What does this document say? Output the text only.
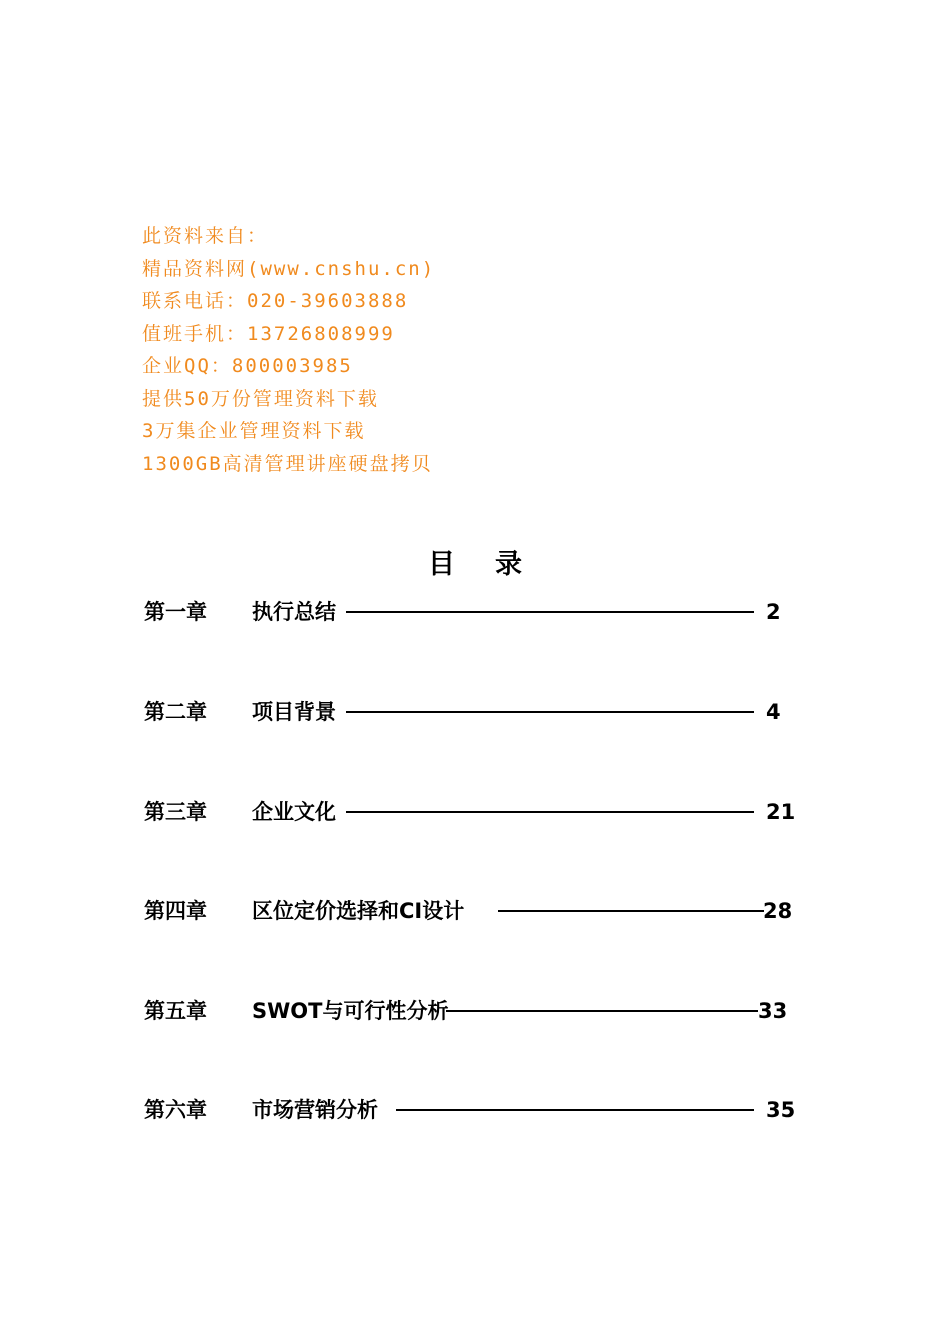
此资料来自：
精品资料网(www.cnshu.cn)
联系电话：020-39603888
值班手机：13726808999
企业QQ：800003985
提供50万份管理资料下载
3万集企业管理资料下载
1300GB高清管理讲座硬盘拷贝
目录
第一章 执行总结	2
第二章 项目背景	4
第三章 企业文化	21
第四章 区位定价选择和CI设计	28
第五章 SWOT与可行性分析	33
第六章 市场营销分析	35
